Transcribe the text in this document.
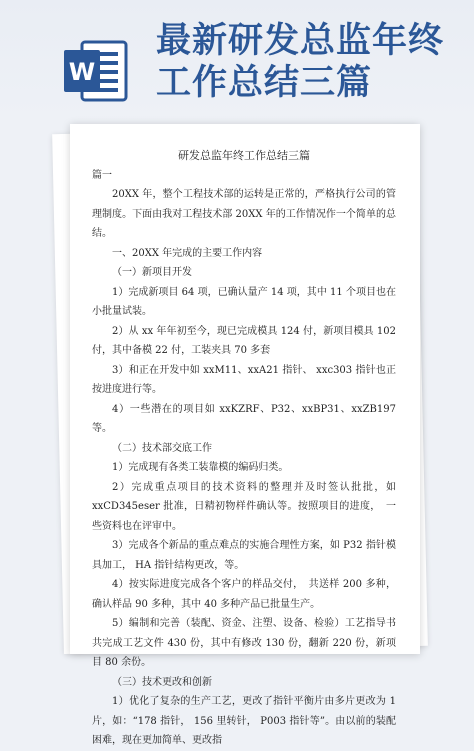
W
最新研发总监年终
工作总结三篇
研发总监年终工作总结三篇

篇一

20XX 年，整个工程技术部的运转是正常的，严格执行公司的管理制度。下面由我对工程技术部 20XX 年的工作情况作一个简单的总结。

一、20XX 年完成的主要工作内容

（一）新项目开发

1）完成新项目 64 项，已确认量产 14 项，其中 11 个项目也在小批量试装。

2）从 xx 年年初至今，现已完成模具 124 付，新项目模具 102 付，其中备模 22 付，工装夹具 70 多套

3）和正在开发中如 xxM11、xxA21 指针、 xxc303 指针也正按进度进行等。

4）一些潜在的项目如 xxKZRF、P32、xxBP31、xxZB197 等。

（二）技术部交底工作

1）完成现有各类工装靠模的编码归类。

2）完成重点项目的技术资料的整理并及时签认批批，如 xxCD345eser 批准，日精初物样件确认等。按照项目的进度，　一些资料也在评审中。

3）完成各个新品的重点难点的实施合理性方案，如 P32 指针模具加工， HA 指针结构更改，等。

4）按实际进度完成各个客户的样品交付，　共送样 200 多种，确认样品 90 多种，其中 40 多种产品已批量生产。

5）编制和完善（装配、资金、注塑、设备、检验）工艺指导书共完成工艺文件 430 份，其中有修改 130 份，翻新 220 份，新项目 80 余份。

（三）技术更改和创新

1）优化了复杂的生产工艺，更改了指针平衡片由多片更改为 1 片，如：“178 指针， 156 里转针， P003 指针等”。由以前的装配困难，现在更加简单、更改指
